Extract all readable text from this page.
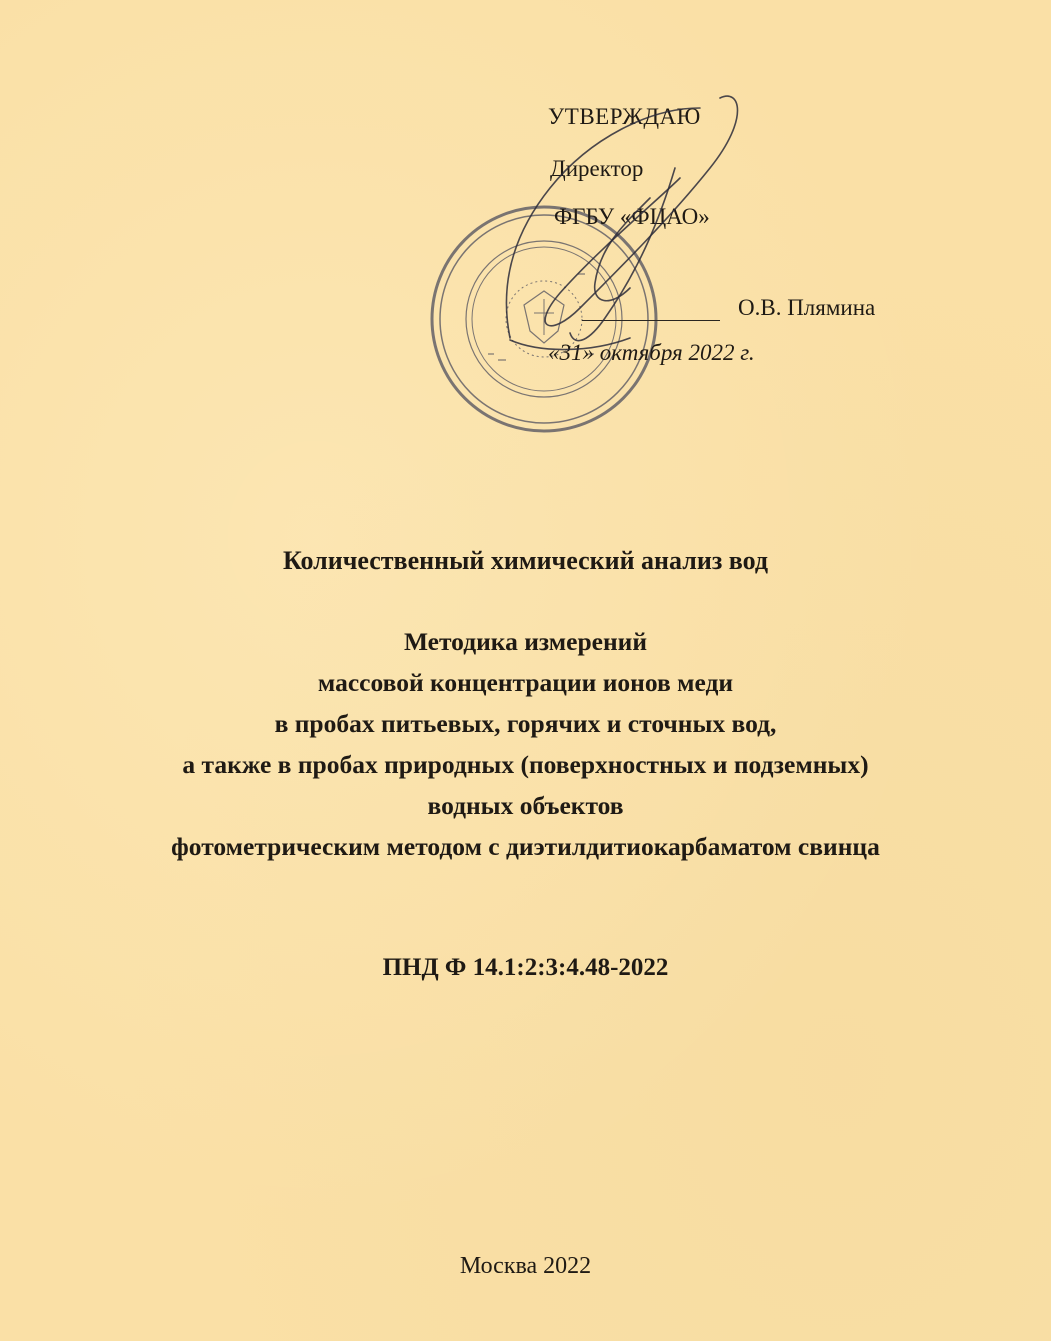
УТВЕРЖДАЮ
Директор
ФГБУ «ФЦАО»
О.В. Плямина
«31» октября 2022 г.
Количественный химический анализ вод
Методика измерений
массовой концентрации ионов меди
в пробах питьевых, горячих и сточных вод,
а также в пробах природных (поверхностных и подземных)
водных объектов
фотометрическим методом с диэтилдитиокарбаматом свинца
ПНД Ф 14.1:2:3:4.48-2022
Москва 2022
